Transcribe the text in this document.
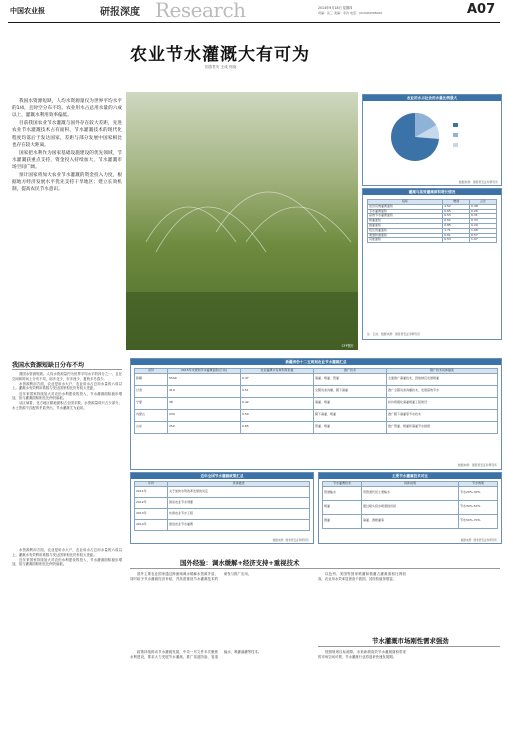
中国农业报	研报深度 Research	2014年9月18日 星期四
责编：张三 美编：李四 电话：(010)84395000	A07
农业节水灌溉大有可为
国泰君安 王成 肖晓

我国水资源短缺，人均水资源量仅为世界平均水平的1/4，且时空分布不均。农业用水占总用水量的六成以上，灌溉水利用效率偏低。

目前我国农业节水灌溉与国外存在较大差距，先进农业节水灌溉技术占有面积、节水灌溉技术的现代化程度均落后于发达国家，差距与部分发展中国家相比也存在较大距离。

国家把水利作为国家基础设施建设的优先领域，节水灌溉获重点支持，资金投入持续加大，节水灌溉市场空间广阔。

预计国家将加大农业节水灌溉的资金投入力度，根据地方经济发展水平优先支持干旱地区；建立长效机制，提高农民节水意识。

CFP图片
农业用水占社会用水量比例最大
数据来源：国泰君安证券研究所
灌溉与高效灌溉面积增长情况
指标	增速	占比
农田有效灌溉面积	1.52	0.48
节水灌溉面积	0.65	0.26
高效节水灌溉面积	0.53	0.31
喷灌面积	0.62	0.33
微灌面积	0.85	0.29
低压管灌面积	1.71	1.08
渠道防渗面积	0.61	0.57
其他面积	0.53	1.07
注：亿亩；数据来源：国泰君安证券研究所
新疆省份十二五规划农业节水灌溉汇总
省份	2015年末规划节水灌溉面积(万亩)	农业灌溉水有效利用系数	推广技术	推广技术具体描述
新疆	5500	0.47	滴灌、喷灌、管灌	全面推广滴灌技术，因地制宜发展喷灌
甘肃	410	0.51	全膜双垄沟播、膜下滴灌	推广全膜双垄沟播技术，发展高效节水
宁夏	38	0.42	滴灌、喷灌	扶持规模化滴灌喷灌工程建设
内蒙古	230	0.50	膜下滴灌、喷灌	推广膜下滴灌等节水技术
山东	250	0.65	管灌、喷灌	推广管灌、喷灌和滴灌节水措施
数据来源：国泰君安证券研究所
我国水资源短缺日分布不均

我国水资源短缺。人均水资源量约为世界平均水平的四分之一，且在空间和时间上分布不均，南多北少，东多西少，夏秋多冬春少。

水资源利用方面，农业是用水大户，农业用水占总用水量的六成以上。灌溉水有效利用系数与发达国家相比仍有较大差距。

近年来国家持续加大对农田水利建设的投入，节水灌溉面积稳步增加，但与灌溉面积相比比例仍偏低。

从区域看，北方地区耕地面积占全国多数，水资源量却只占少部分，水土资源不匹配的矛盾突出，节水灌溉尤为迫切。

近年全国节水灌溉政策汇总
年份	具体描述
2011年	关于加快水利改革发展的决定
2012年	国家农业节水纲要
2013年	实施农业节水工程
2014年	推进农业节水灌溉
数据来源：国泰君安证券研究所
主要节水灌溉技术对比
节水灌溉技术	具体说明	节水效果
管道输水	用管道代替土渠输水	节水20%-30%
喷灌	通过喷头将水喷洒到田间	节水30%-50%
微灌	滴灌、微喷灌等	节水50%-70%
数据来源：国泰君安证券研究所
国外经验：调水缓解+经济支持+重视技术

国外主要农业国家通过跨流域调水缓解水资源矛盾，同时给予节水灌溉经济补贴，并高度重视节水灌溉技术的研发与推广应用。	以色列、美国等国家喷灌和微灌占灌溉面积比例较高，农业用水效率显著高于我国，其经验值得借鉴。

水资源利用方面，农业是用水大户，农业用水占总用水量的六成以上。灌溉水有效利用系数与发达国家相比仍有较大差距。

近年来国家持续加大对农田水利建设的投入，节水灌溉面积稳步增加，但与灌溉面积相比比例仍偏低。

节水灌溉市场刚性需求强劲

政策持续推动节水灌溉发展，中央一号文件多次聚焦水利建设，要求大力发展节水灌溉，推广渠道防渗、管道输水、喷灌滴灌等技术。	按照规划目标测算，未来新增高效节水灌溉面积带来的市场空间可观，节水灌溉行业将迎来快速发展期。
